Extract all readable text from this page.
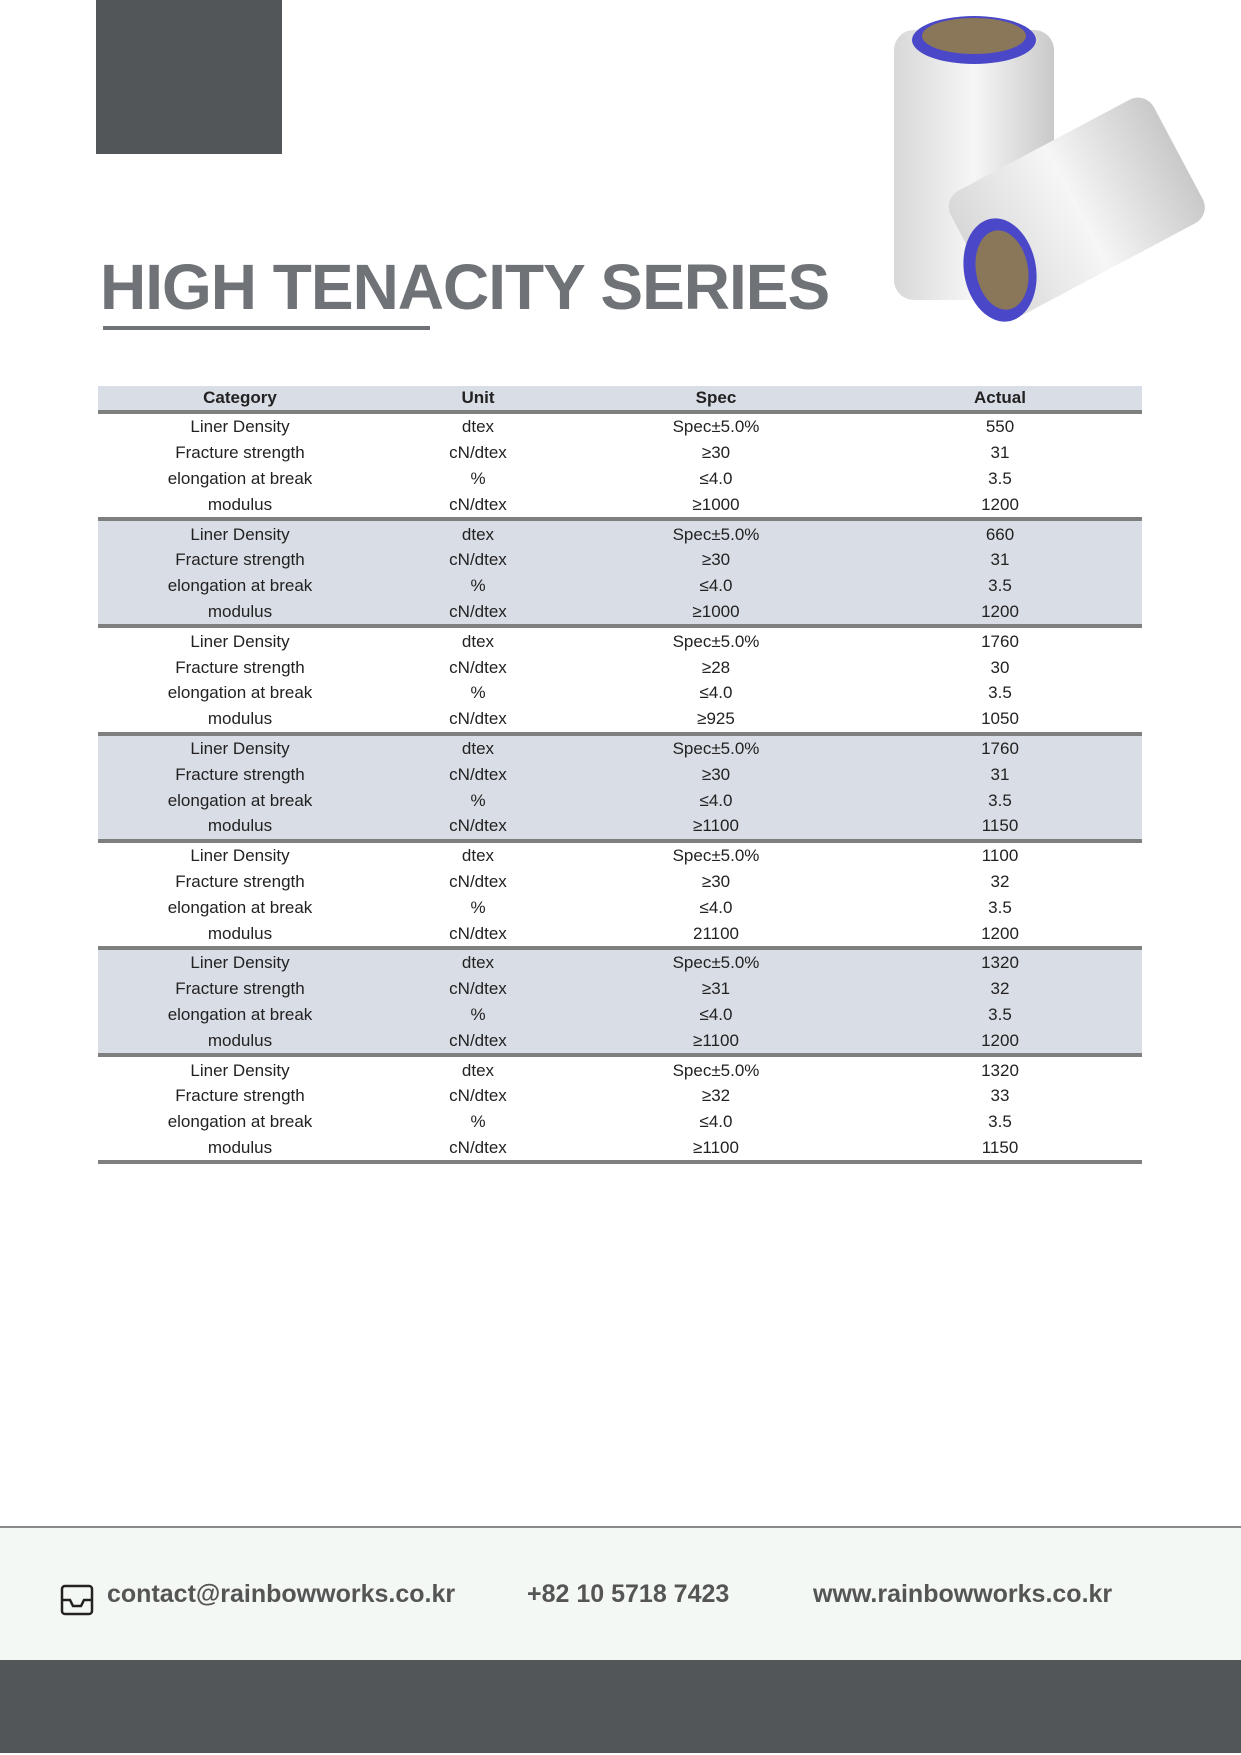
HIGH TENACITY SERIES
Category	Unit	Spec	Actual
Liner Density	dtex	Spec±5.0%	550
Fracture strength	cN/dtex	≥30	31
elongation at break	%	≤4.0	3.5
modulus	cN/dtex	≥1000	1200
Liner Density	dtex	Spec±5.0%	660
Fracture strength	cN/dtex	≥30	31
elongation at break	%	≤4.0	3.5
modulus	cN/dtex	≥1000	1200
Liner Density	dtex	Spec±5.0%	1760
Fracture strength	cN/dtex	≥28	30
elongation at break	%	≤4.0	3.5
modulus	cN/dtex	≥925	1050
Liner Density	dtex	Spec±5.0%	1760
Fracture strength	cN/dtex	≥30	31
elongation at break	%	≤4.0	3.5
modulus	cN/dtex	≥1100	1150
Liner Density	dtex	Spec±5.0%	1100
Fracture strength	cN/dtex	≥30	32
elongation at break	%	≤4.0	3.5
modulus	cN/dtex	21100	1200
Liner Density	dtex	Spec±5.0%	1320
Fracture strength	cN/dtex	≥31	32
elongation at break	%	≤4.0	3.5
modulus	cN/dtex	≥1100	1200
Liner Density	dtex	Spec±5.0%	1320
Fracture strength	cN/dtex	≥32	33
elongation at break	%	≤4.0	3.5
modulus	cN/dtex	≥1100	1150
contact@rainbowworks.co.kr	+82 10 5718 7423	www.rainbowworks.co.kr
